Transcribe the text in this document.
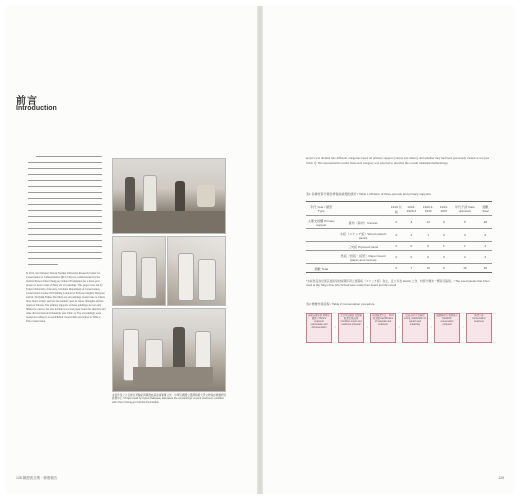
前言
Introduction
In 2011, the National Taiwan Normal University Research Center for Conservation of Cultural Relics (RCCCR) was commissioned by the Judicial Person Chen Cheng-po Cultural Foundation for a three-year project to treat a total of thirty six oil paintings. This project was led by Tokyo University of the Arts, Graduate Department of Conservation, Conservation Course Oil Painting Laboratory Professor Kijima Takayasu and Dr. Noriyuki Fujiko The thirty-six oil paintings treated date to Chen's three major artistic periods: his student years in Japan, Shanghai and his return to Taiwan. The primary supports of these paintings are not only limited to canvas, but also include wood and paper board for sketches and other diverse historical materials (see Table 1). The oil paintings were treated according to an established conservation procedure in Table 2. This conservation
本書作者之九名師生實驗室與陳澄波基金會簽署合作，中華民國國立臺灣師範大學文物保存維護研究發展中心 / Project lead by Kijima Takayasu discusses the oil paintings' current treatment condition with Chen Chong-po Cultural Foundation
128 陳澄波全集 · 修復報告
project was divided into different categories based on primary support (canvas and others), and whether they had been previously treated or not (see Table 1). The representative works from each category was selected to describe the overall treatment methodology.
表1 各種材質分類及修復前處理的統計 / Table 1 Division of three-periods and primary supports
年代 Year / 類型 Type		1916 以前	1924-1929.3	1929.4-1933	1934-1947	年代不詳 Date unknown	總數 Total
主要支撐體 Primary support	畫布（麻布）Canvas	0	3	14	6	5	28
	木板（スケッチ板）Wood (sketch panel)	0	2	1	0	3	6
	三夾板 Plywood panel	0	0	0	1	1	2
	紙板（紙板・板紙）Paper board (paper and canvas)	0	0	0	0	2	2
總數 Total		0	7	15	6	16	36
*木板作品為於東京美術學校時期所用之速寫板（スケッチ板）為主，且大多為 sketch 之作，材質分類未一概有所區別。/ The wood panels that Chen used at the Tokyo Fine Arts School were made from board and thin wood.
表2 修護作業流程 / Table 2 Conservation procedure
修復前調查與 檔案紀錄建立 Before treatment examination and documentation	›
評估作品現況 並提擬修護策 略說明 Condition report and treatment proposal	›
辨識修護方法 、材料與試驗 Identification of materials and treatment	›
裝裱前與 正式修復 Lining, stabilization of varnish and inpainting	›
後續修復方 案與保存 Establish conservation proposal	›
修護完成 Conservation treatment
129
